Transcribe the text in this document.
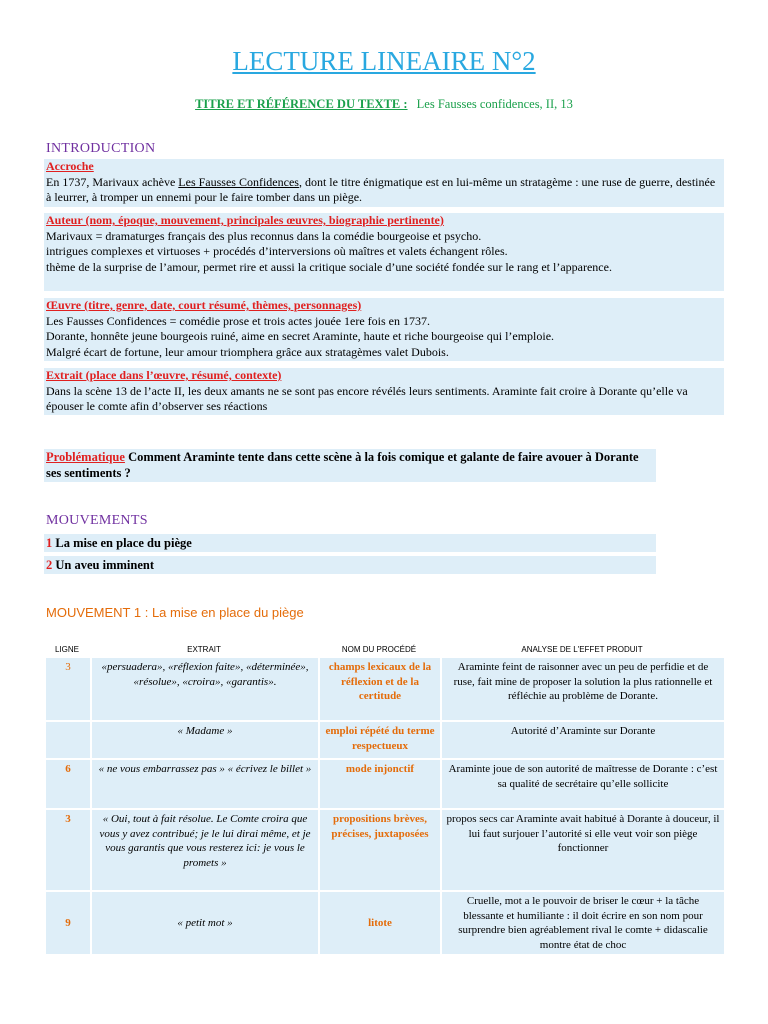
LECTURE LINEAIRE N°2
TITRE ET RÉFÉRENCE DU TEXTE : Les Fausses confidences, II, 13
INTRODUCTION
Accroche

En 1737, Marivaux achève Les Fausses Confidences, dont le titre énigmatique est en lui-même un stratagème : une ruse de guerre, destinée à leurrer, à tromper un ennemi pour le faire tomber dans un piège.

Auteur (nom, époque, mouvement, principales œuvres, biographie pertinente)

Marivaux = dramaturges français des plus reconnus dans la comédie bourgeoise et psycho.

intrigues complexes et virtuoses + procédés d’interversions où maîtres et valets échangent rôles.

thème de la surprise de l’amour, permet rire et aussi la critique sociale d’une société fondée sur le rang et l’apparence.

Œuvre (titre, genre, date, court résumé, thèmes, personnages)

Les Fausses Confidences = comédie prose et trois actes jouée 1ere fois en 1737.

Dorante, honnête jeune bourgeois ruiné, aime en secret Araminte, haute et riche bourgeoise qui l’emploie.

Malgré écart de fortune, leur amour triomphera grâce aux stratagèmes valet Dubois.

Extrait (place dans l’œuvre, résumé, contexte)

Dans la scène 13 de l’acte II, les deux amants ne se sont pas encore révélés leurs sentiments. Araminte fait croire à Dorante qu’elle va épouser le comte afin d’observer ses réactions

Problématique Comment Araminte tente dans cette scène à la fois comique et galante de faire avouer à Dorante ses sentiments ?
MOUVEMENTS
1 La mise en place du piège
2 Un aveu imminent
MOUVEMENT 1 : La mise en place du piège
LIGNE	EXTRAIT	NOM DU PROCÉDÉ	ANALYSE DE L'EFFET PRODUIT
3	«persuadera», «réflexion faite», «déterminée», «résolue», «croira», «garantis».	champs lexicaux de la réflexion et de la certitude	Araminte feint de raisonner avec un peu de perfidie et de ruse, fait mine de proposer la solution la plus rationnelle et réfléchie au problème de Dorante.
	« Madame »	emploi répété du terme respectueux	Autorité d’Araminte sur Dorante
6	« ne vous embarrassez pas » « écrivez le billet »	mode injonctif	Araminte joue de son autorité de maîtresse de Dorante : c’est sa qualité de secrétaire qu’elle sollicite
3	« Oui, tout à fait résolue. Le Comte croira que vous y avez contribué; je le lui dirai même, et je vous garantis que vous resterez ici: je vous le promets »	propositions brèves, précises, juxtaposées	propos secs car Araminte avait habitué à Dorante à douceur, il lui faut surjouer l’autorité si elle veut voir son piège fonctionner
9	« petit mot »	litote	Cruelle, mot a le pouvoir de briser le cœur + la tâche blessante et humiliante : il doit écrire en son nom pour surprendre bien agréablement rival le comte + didascalie montre état de choc
